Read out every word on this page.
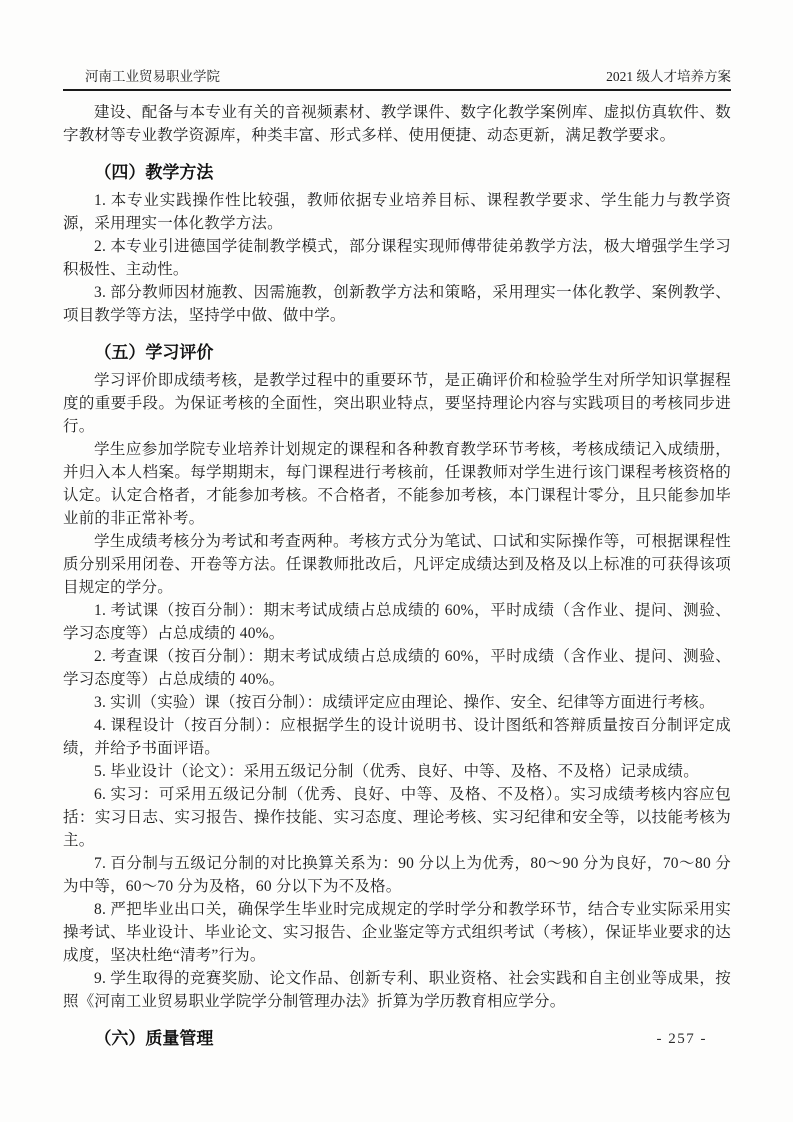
河南工业贸易职业学院	2021 级人才培养方案

建设、配备与本专业有关的音视频素材、教学课件、数字化教学案例库、虚拟仿真软件、数字教材等专业教学资源库，种类丰富、形式多样、使用便捷、动态更新，满足教学要求。

（四）教学方法

1. 本专业实践操作性比较强，教师依据专业培养目标、课程教学要求、学生能力与教学资源，采用理实一体化教学方法。

2. 本专业引进德国学徒制教学模式，部分课程实现师傅带徒弟教学方法，极大增强学生学习积极性、主动性。

3. 部分教师因材施教、因需施教，创新教学方法和策略，采用理实一体化教学、案例教学、项目教学等方法，坚持学中做、做中学。

（五）学习评价

学习评价即成绩考核，是教学过程中的重要环节，是正确评价和检验学生对所学知识掌握程度的重要手段。为保证考核的全面性，突出职业特点，要坚持理论内容与实践项目的考核同步进行。

学生应参加学院专业培养计划规定的课程和各种教育教学环节考核，考核成绩记入成绩册，并归入本人档案。每学期期末，每门课程进行考核前，任课教师对学生进行该门课程考核资格的认定。认定合格者，才能参加考核。不合格者，不能参加考核，本门课程计零分，且只能参加毕业前的非正常补考。

学生成绩考核分为考试和考查两种。考核方式分为笔试、口试和实际操作等，可根据课程性质分别采用闭卷、开卷等方法。任课教师批改后，凡评定成绩达到及格及以上标准的可获得该项目规定的学分。

1. 考试课（按百分制）：期末考试成绩占总成绩的 60%，平时成绩（含作业、提问、测验、学习态度等）占总成绩的 40%。

2. 考查课（按百分制）：期末考试成绩占总成绩的 60%，平时成绩（含作业、提问、测验、学习态度等）占总成绩的 40%。

3. 实训（实验）课（按百分制）：成绩评定应由理论、操作、安全、纪律等方面进行考核。

4. 课程设计（按百分制）：应根据学生的设计说明书、设计图纸和答辩质量按百分制评定成绩，并给予书面评语。

5. 毕业设计（论文）：采用五级记分制（优秀、良好、中等、及格、不及格）记录成绩。

6. 实习：可采用五级记分制（优秀、良好、中等、及格、不及格）。实习成绩考核内容应包括：实习日志、实习报告、操作技能、实习态度、理论考核、实习纪律和安全等，以技能考核为主。

7. 百分制与五级记分制的对比换算关系为：90 分以上为优秀，80～90 分为良好，70～80 分为中等，60～70 分为及格，60 分以下为不及格。

8. 严把毕业出口关，确保学生毕业时完成规定的学时学分和教学环节，结合专业实际采用实操考试、毕业设计、毕业论文、实习报告、企业鉴定等方式组织考试（考核），保证毕业要求的达成度，坚决杜绝“清考”行为。

9. 学生取得的竞赛奖励、论文作品、创新专利、职业资格、社会实践和自主创业等成果，按照《河南工业贸易职业学院学分制管理办法》折算为学历教育相应学分。

（六）质量管理	- 257 -
